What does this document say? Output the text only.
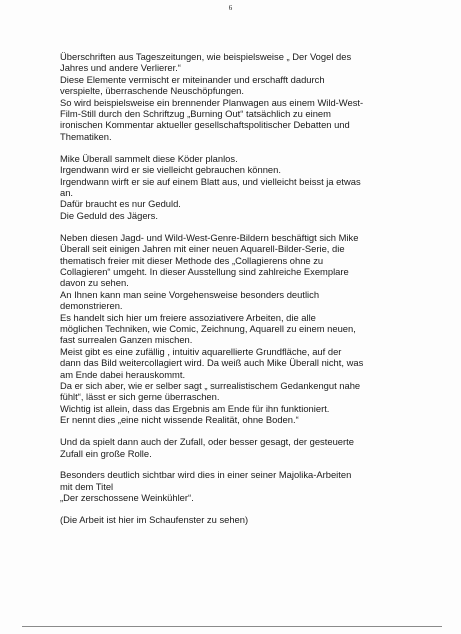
6
Überschriften aus Tageszeitungen, wie beispielsweise „ Der Vogel des
Jahres und andere Verlierer.“
Diese Elemente vermischt er miteinander und erschafft dadurch
verspielte, überraschende Neuschöpfungen.
So wird beispielsweise ein brennender Planwagen aus einem Wild-West-
Film-Still durch den Schriftzug „Burning Out“ tatsächlich zu einem
ironischen Kommentar aktueller gesellschaftspolitischer Debatten und
Thematiken.
Mike Überall sammelt diese Köder planlos.
Irgendwann wird er sie vielleicht gebrauchen können.
Irgendwann wirft er sie auf einem Blatt aus, und vielleicht beisst ja etwas
an.
Dafür braucht es nur Geduld.
Die Geduld des Jägers.
Neben diesen Jagd- und Wild-West-Genre-Bildern beschäftigt sich Mike
Überall seit einigen Jahren mit einer neuen Aquarell-Bilder-Serie, die
thematisch freier mit dieser Methode des „Collagierens ohne zu
Collagieren“ umgeht. In dieser Ausstellung sind zahlreiche Exemplare
davon zu sehen.
An Ihnen kann man seine Vorgehensweise besonders deutlich
demonstrieren.
Es handelt sich hier um freiere assoziativere Arbeiten, die alle
möglichen Techniken, wie Comic, Zeichnung, Aquarell zu einem neuen,
fast surrealen Ganzen mischen.
Meist gibt es eine zufällig , intuitiv aquarellierte Grundfläche, auf der
dann das Bild weitercollagiert wird. Da weiß auch Mike Überall nicht, was
am Ende dabei herauskommt.
Da er sich aber, wie er selber sagt „ surrealistischem Gedankengut nahe
fühlt“, lässt er sich gerne überraschen.
Wichtig ist allein, dass das Ergebnis am Ende für ihn funktioniert.
Er nennt dies „eine nicht wissende Realität, ohne Boden.“
Und da spielt dann auch der Zufall, oder besser gesagt, der gesteuerte
Zufall ein große Rolle.
Besonders deutlich sichtbar wird dies in einer seiner Majolika-Arbeiten
mit dem Titel
„Der zerschossene Weinkühler“.
(Die Arbeit ist hier im Schaufenster zu sehen)
